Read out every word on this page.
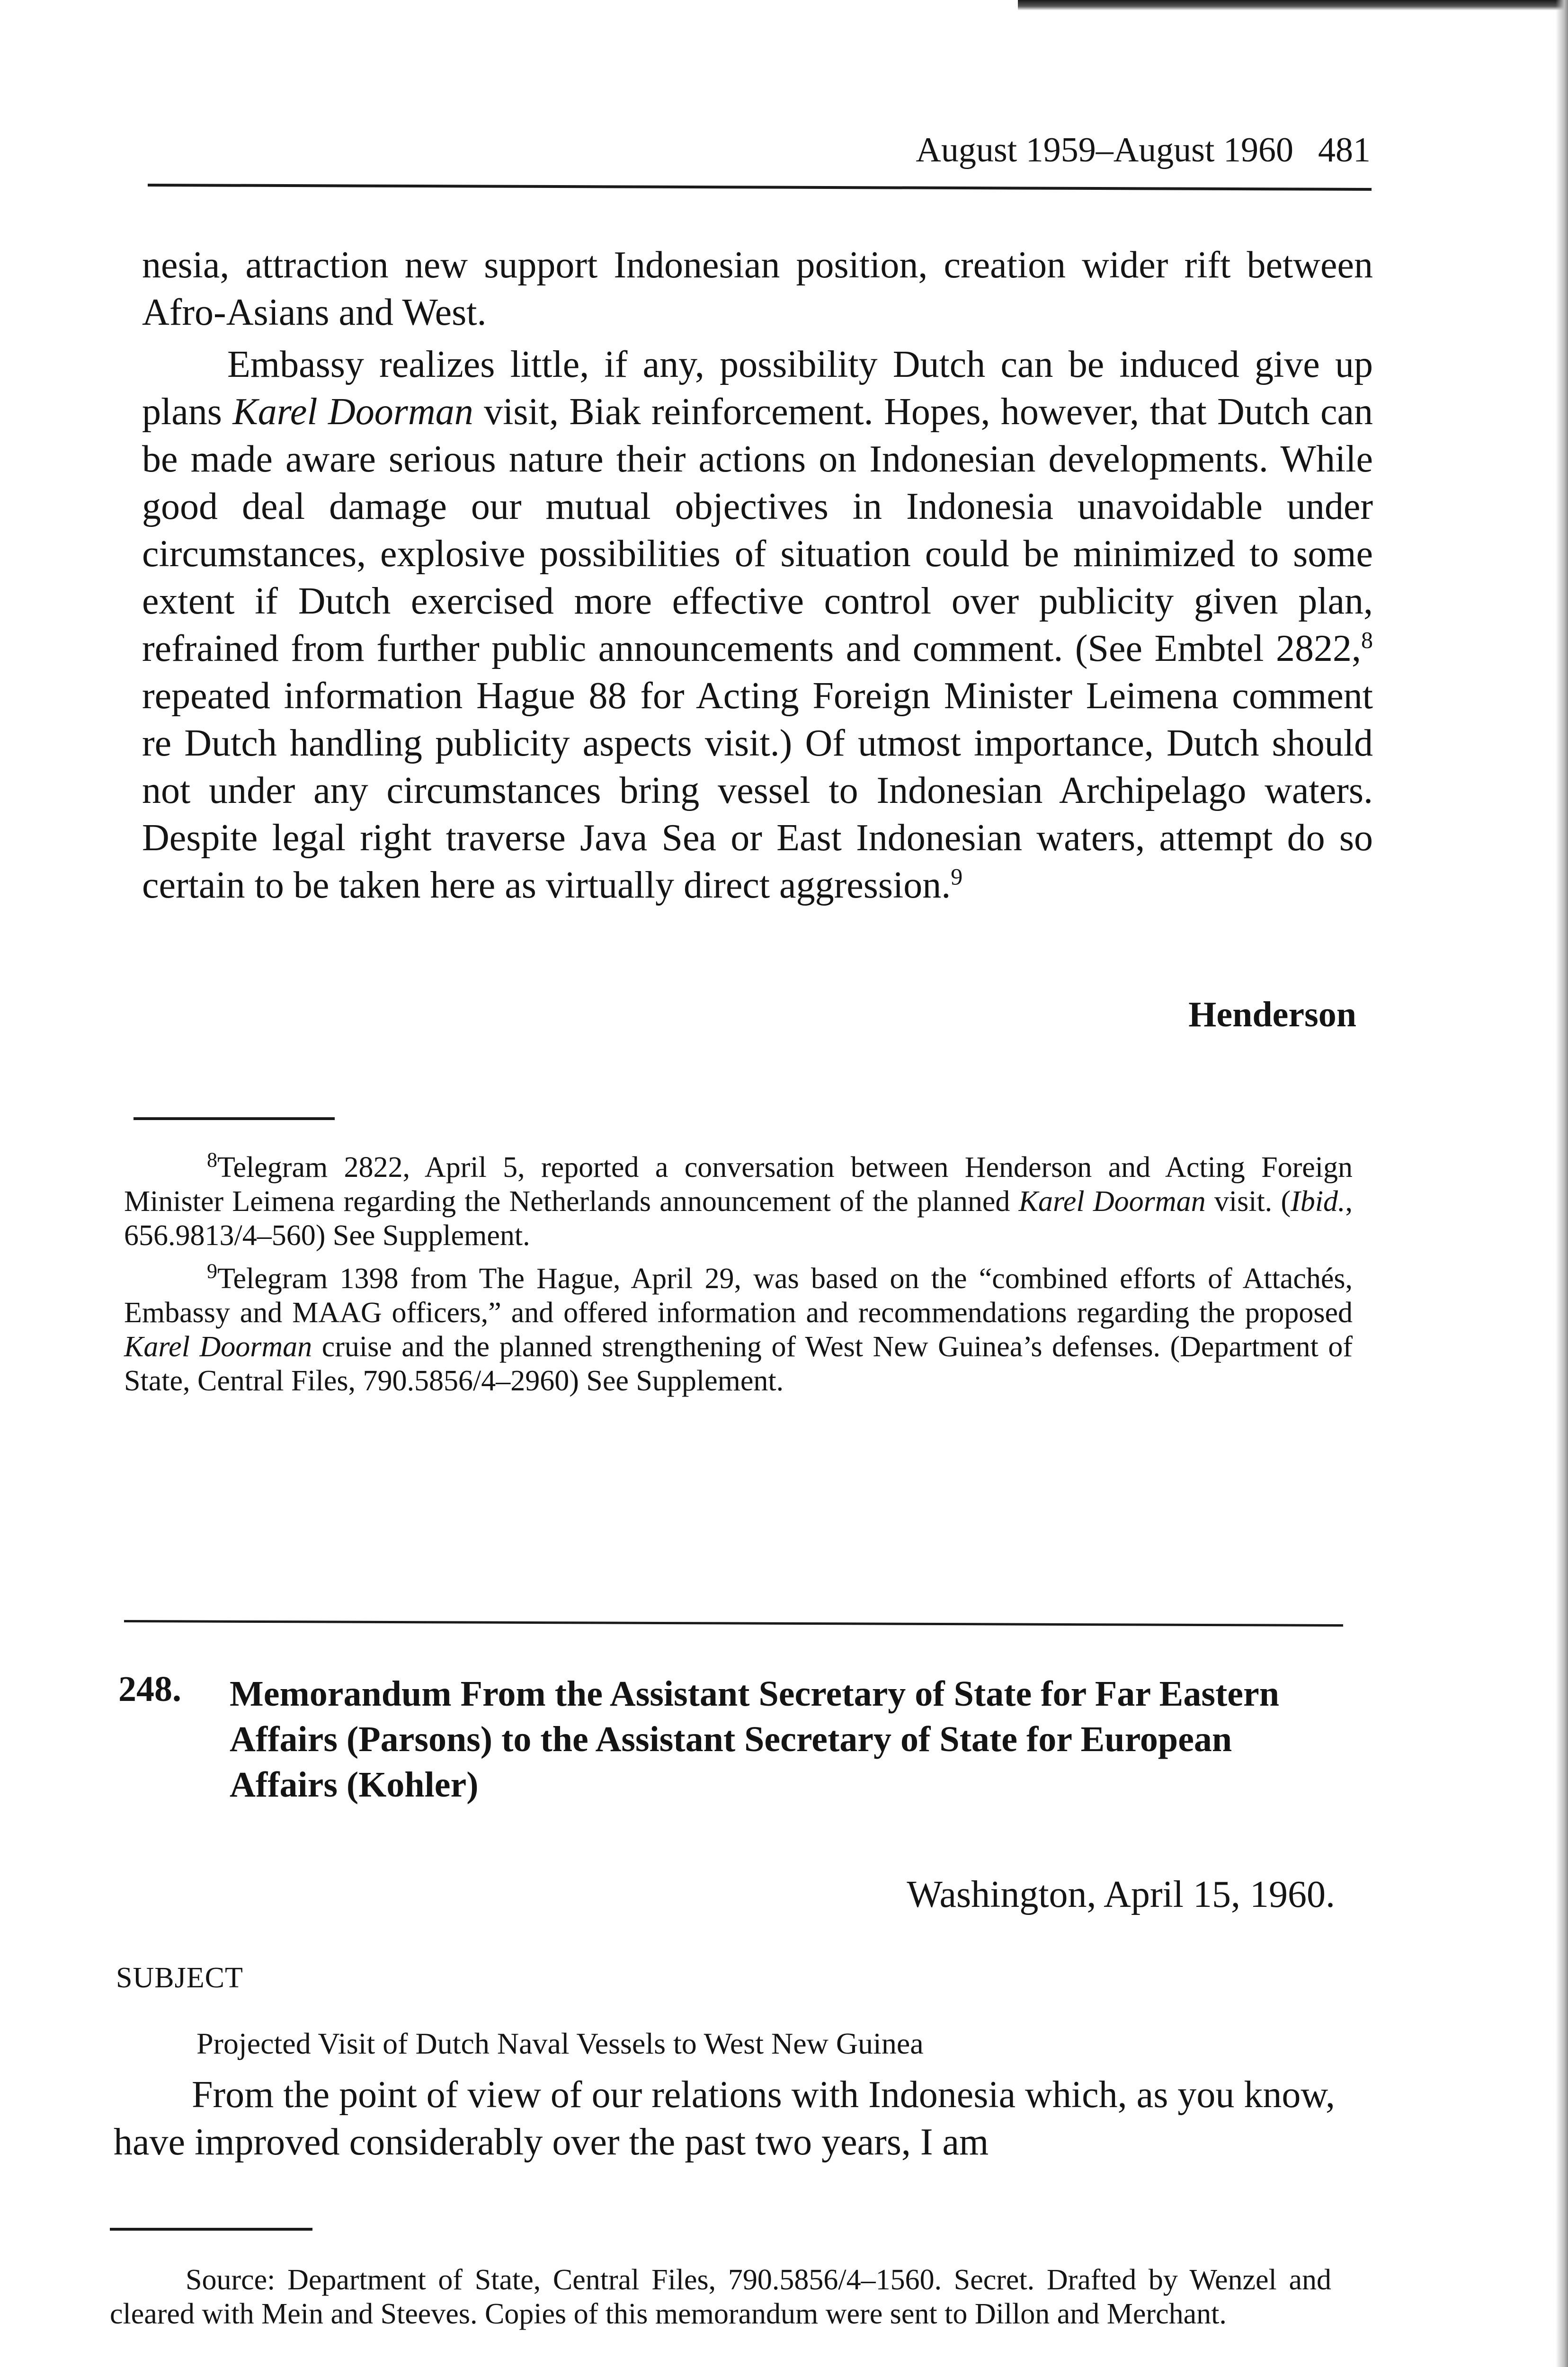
August 1959–August 1960 481

nesia, attraction new support Indonesian position, creation wider rift between Afro-Asians and West.

Embassy realizes little, if any, possibility Dutch can be induced give up plans Karel Doorman visit, Biak reinforcement. Hopes, however, that Dutch can be made aware serious nature their actions on Indonesian developments. While good deal damage our mutual objectives in Indonesia unavoidable under circumstances, explosive possibilities of situation could be minimized to some extent if Dutch exercised more effective control over publicity given plan, refrained from further public announcements and comment. (See Embtel 2822,$^8$ repeated information Hague 88 for Acting Foreign Minister Leimena comment re Dutch handling publicity aspects visit.) Of utmost importance, Dutch should not under any circumstances bring vessel to Indonesian Archipelago waters. Despite legal right traverse Java Sea or East Indonesian waters, attempt do so certain to be taken here as virtually direct aggression.$^9$

Henderson

$^8$Telegram 2822, April 5, reported a conversation between Henderson and Acting Foreign Minister Leimena regarding the Netherlands announcement of the planned Karel Doorman visit. (Ibid., 656.9813/4–560) See Supplement.

$^9$Telegram 1398 from The Hague, April 29, was based on the “combined efforts of Attachés, Embassy and MAAG officers,” and offered information and recommendations regarding the proposed Karel Doorman cruise and the planned strengthening of West New Guinea’s defenses. (Department of State, Central Files, 790.5856/4–2960) See Supplement.

248.	Memorandum From the Assistant Secretary of State for Far Eastern Affairs (Parsons) to the Assistant Secretary of State for European Affairs (Kohler)

Washington, April 15, 1960.
SUBJECT
Projected Visit of Dutch Naval Vessels to West New Guinea

From the point of view of our relations with Indonesia which, as you know, have improved considerably over the past two years, I am

Source: Department of State, Central Files, 790.5856/4–1560. Secret. Drafted by Wenzel and cleared with Mein and Steeves. Copies of this memorandum were sent to Dillon and Merchant.
